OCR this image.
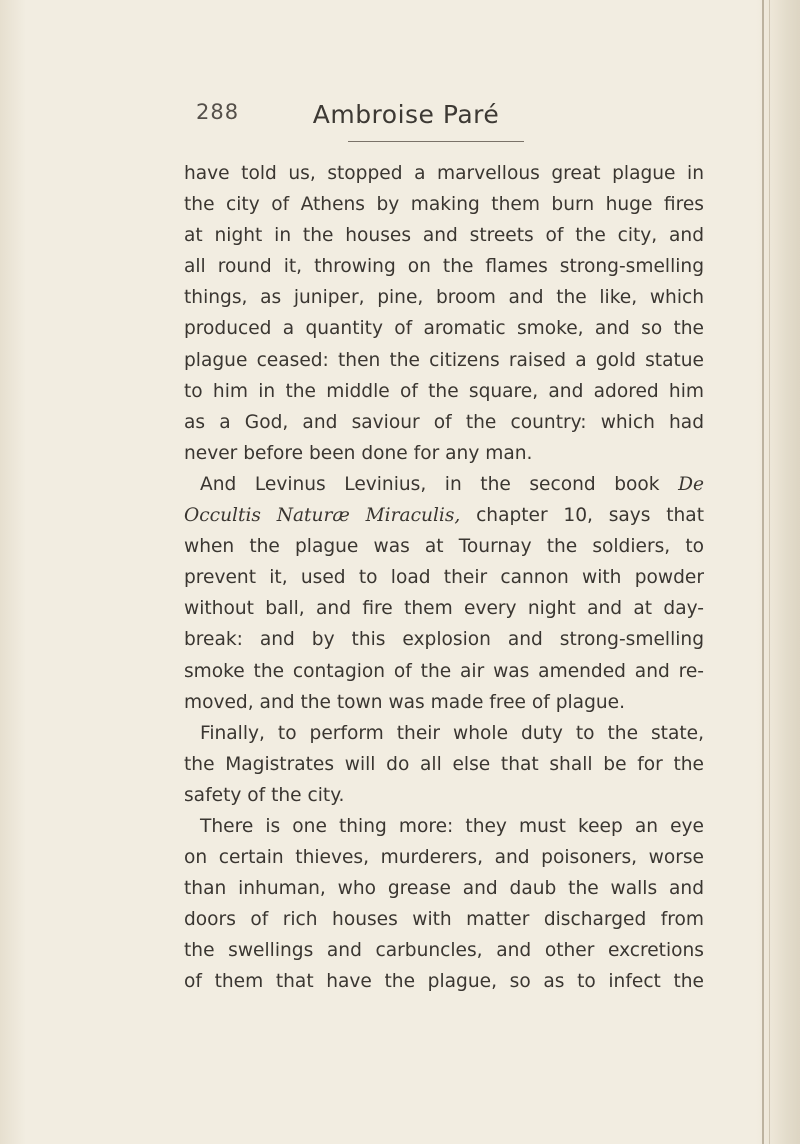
288	Ambroise Paré
have told us, stopped a marvellous great plague in
the city of Athens by making them burn huge fires
at night in the houses and streets of the city, and
all round it, throwing on the flames strong-smelling
things, as juniper, pine, broom and the like, which
produced a quantity of aromatic smoke, and so the
plague ceased: then the citizens raised a gold statue
to him in the middle of the square, and adored him
as a God, and saviour of the country: which had
never before been done for any man.
And Levinus Levinius, in the second book De
Occultis Naturæ Miraculis, chapter 10, says that
when the plague was at Tournay the soldiers, to
prevent it, used to load their cannon with powder
without ball, and fire them every night and at day-
break: and by this explosion and strong-smelling
smoke the contagion of the air was amended and re-
moved, and the town was made free of plague.
Finally, to perform their whole duty to the state,
the Magistrates will do all else that shall be for the
safety of the city.
There is one thing more: they must keep an eye
on certain thieves, murderers, and poisoners, worse
than inhuman, who grease and daub the walls and
doors of rich houses with matter discharged from
the swellings and carbuncles, and other excretions
of them that have the plague, so as to infect the
